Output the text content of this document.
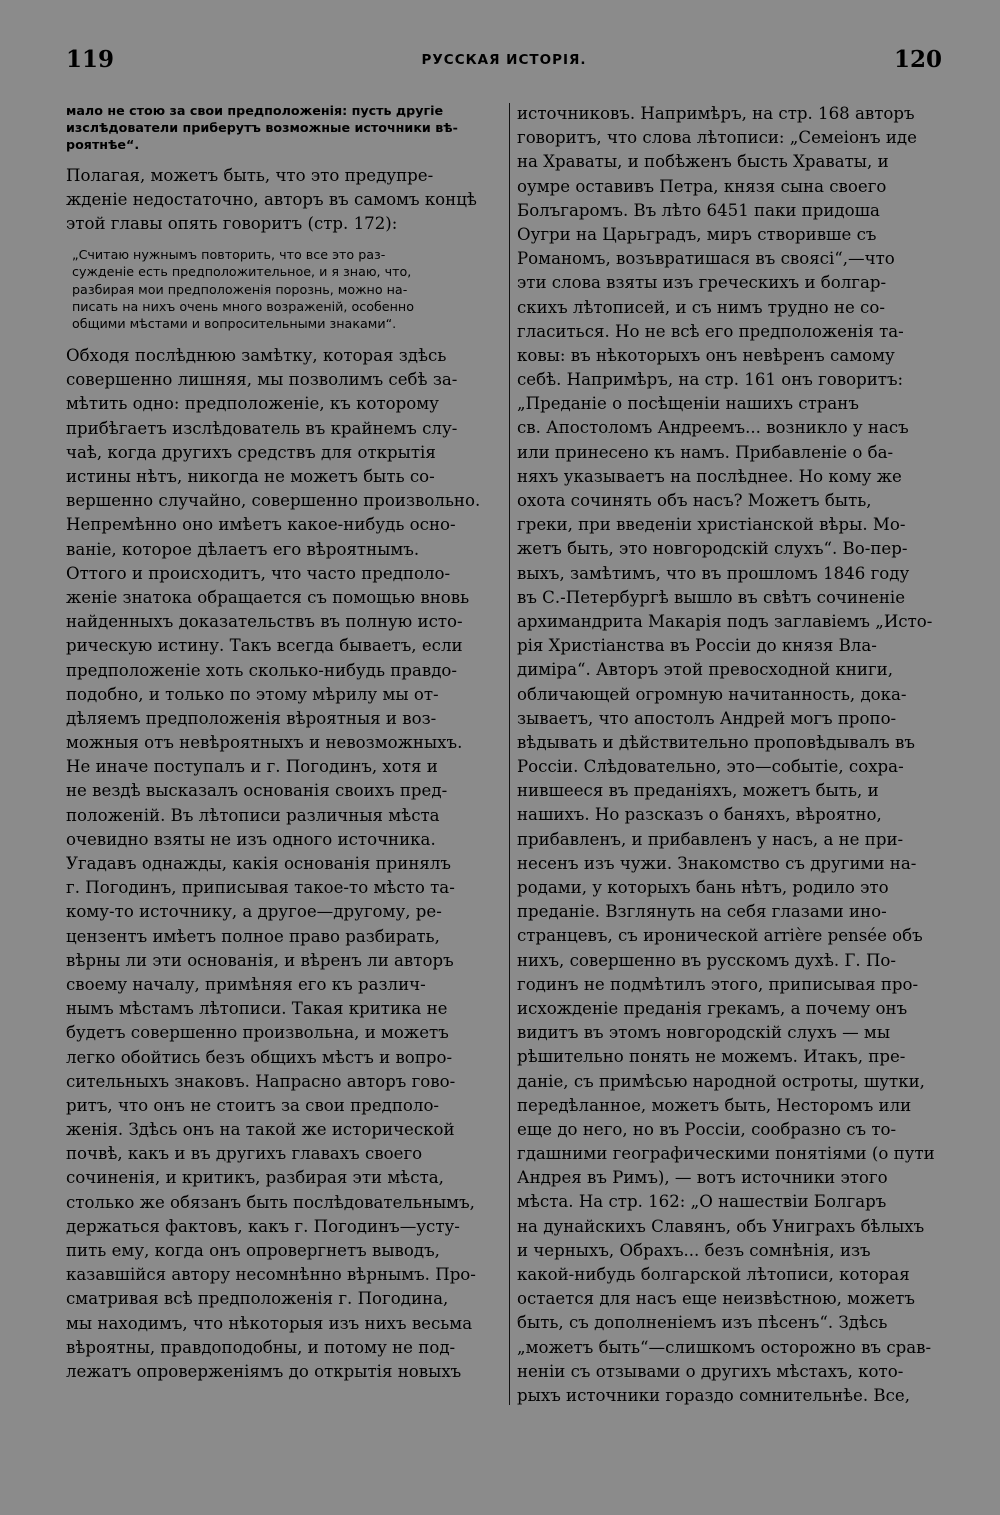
119	РУССКАЯ ИСТОРIЯ.	120
мало не стою за свои предположенія: пусть другіе
изслѣдователи приберутъ возможные источники вѣ-
роятнѣе“.
Полагая, можетъ быть, что это предупре-
жденіе недостаточно, авторъ въ самомъ концѣ
этой главы опять говоритъ (стр. 172):
„Считаю нужнымъ повторить, что все это раз-
сужденіе есть предположительное, и я знаю, что,
разбирая мои предположенія порознь, можно на-
писать на нихъ очень много возраженій, особенно
общими мѣстами и вопросительными знаками“.
Обходя послѣднюю замѣтку, которая здѣсь
совершенно лишняя, мы позволимъ себѣ за-
мѣтить одно: предположеніе, къ которому
прибѣгаетъ изслѣдователь въ крайнемъ слу-
чаѣ, когда другихъ средствъ для открытія
истины нѣтъ, никогда не можетъ быть со-
вершенно случайно, совершенно произвольно.
Непремѣнно оно имѣетъ какое-нибудь осно-
ваніе, которое дѣлаетъ его вѣроятнымъ.
Оттого и происходитъ, что часто предполо-
женіе знатока обращается съ помощью вновь
найденныхъ доказательствъ въ полную исто-
рическую истину. Такъ всегда бываетъ, если
предположеніе хоть сколько-нибудь правдо-
подобно, и только по этому мѣрилу мы от-
дѣляемъ предположенія вѣроятныя и воз-
можныя отъ невѣроятныхъ и невозможныхъ.
Не иначе поступалъ и г. Погодинъ, хотя и
не вездѣ высказалъ основанія своихъ пред-
положеній. Въ лѣтописи различныя мѣста
очевидно взяты не изъ одного источника.
Угадавъ однажды, какія основанія принялъ
г. Погодинъ, приписывая такое-то мѣсто та-
кому-то источнику, а другое—другому, ре-
цензентъ имѣетъ полное право разбирать,
вѣрны ли эти основанія, и вѣренъ ли авторъ
своему началу, примѣняя его къ различ-
нымъ мѣстамъ лѣтописи. Такая критика не
будетъ совершенно произвольна, и можетъ
легко обойтись безъ общихъ мѣстъ и вопро-
сительныхъ знаковъ. Напрасно авторъ гово-
ритъ, что онъ не стоитъ за свои предполо-
женія. Здѣсь онъ на такой же исторической
почвѣ, какъ и въ другихъ главахъ своего
сочиненія, и критикъ, разбирая эти мѣста,
столько же обязанъ быть послѣдовательнымъ,
держаться фактовъ, какъ г. Погодинъ—усту-
пить ему, когда онъ опровергнетъ выводъ,
казавшійся автору несомнѣнно вѣрнымъ. Про-
сматривая всѣ предположенія г. Погодина,
мы находимъ, что нѣкоторыя изъ нихъ весьма
вѣроятны, правдоподобны, и потому не под-
лежатъ опроверженіямъ до открытія новыхъ
источниковъ. Напримѣръ, на стр. 168 авторъ
говоритъ, что слова лѣтописи: „Семеіонъ иде
на Хравaты, и побѣженъ бысть Хравaты, и
оумре оставивъ Петра, князя сына своего
Болъгаромъ. Въ лѣто 6451 паки придоша
Оугри на Царьградъ, миръ створивше съ
Романомъ, возъвратишася въ своясi“,—что
эти слова взяты изъ греческихъ и болгар-
скихъ лѣтописей, и съ нимъ трудно не со-
гласиться. Но не всѣ его предположенія та-
ковы: въ нѣкоторыхъ онъ невѣренъ самому
себѣ. Напримѣръ, на стр. 161 онъ говоритъ:
„Преданіе о посѣщеніи нашихъ странъ
св. Апостоломъ Андреемъ... возникло у насъ
или принесено къ намъ. Прибавленіе о ба-
няхъ указываетъ на послѣднее. Но кому же
охота сочинять объ насъ? Можетъ быть,
греки, при введеніи христіанской вѣры. Мо-
жетъ быть, это новгородскій слухъ“. Во-пер-
выхъ, замѣтимъ, что въ прошломъ 1846 году
въ С.-Петербургѣ вышло въ свѣтъ сочиненіе
архимандрита Макарія подъ заглавіемъ „Исто-
рія Христіанства въ Россіи до князя Вла-
диміра“. Авторъ этой превосходной книги,
обличающей огромную начитанность, дока-
зываетъ, что апостолъ Андрей могъ пропо-
вѣдывать и дѣйствительно проповѣдывалъ въ
Россіи. Слѣдовательно, это—событіе, сохра-
нившееся въ преданіяхъ, можетъ быть, и
нашихъ. Но разсказъ о баняхъ, вѣроятно,
прибавленъ, и прибавленъ у насъ, а не при-
несенъ изъ чужи. Знакомство съ другими на-
родами, у которыхъ бань нѣтъ, родило это
преданіе. Взглянуть на себя глазами ино-
странцевъ, съ иронической arrière pensée объ
нихъ, совершенно въ русскомъ духѣ. Г. По-
годинъ не подмѣтилъ этого, приписывая про-
исхожденіе преданія грекамъ, а почему онъ
видитъ въ этомъ новгородскій слухъ — мы
рѣшительно понять не можемъ. Итакъ, пре-
даніе, съ примѣсью народной остроты, шутки,
передѣланное, можетъ быть, Несторомъ или
еще до него, но въ Россіи, сообразно съ то-
гдашними географическими понятіями (о пути
Андрея въ Римъ), — вотъ источники этого
мѣста. На стр. 162: „О нашествіи Болгаръ
на дунайскихъ Славянъ, объ Униграхъ бѣлыхъ
и черныхъ, Обрахъ... безъ сомнѣнія, изъ
какой-нибудь болгарской лѣтописи, которая
остается для насъ еще неизвѣстною, можетъ
быть, съ дополненіемъ изъ пѣсенъ“. Здѣсь
„можетъ быть“—слишкомъ осторожно въ срав-
неніи съ отзывами о другихъ мѣстахъ, кото-
рыхъ источники гораздо сомнительнѣе. Все,
